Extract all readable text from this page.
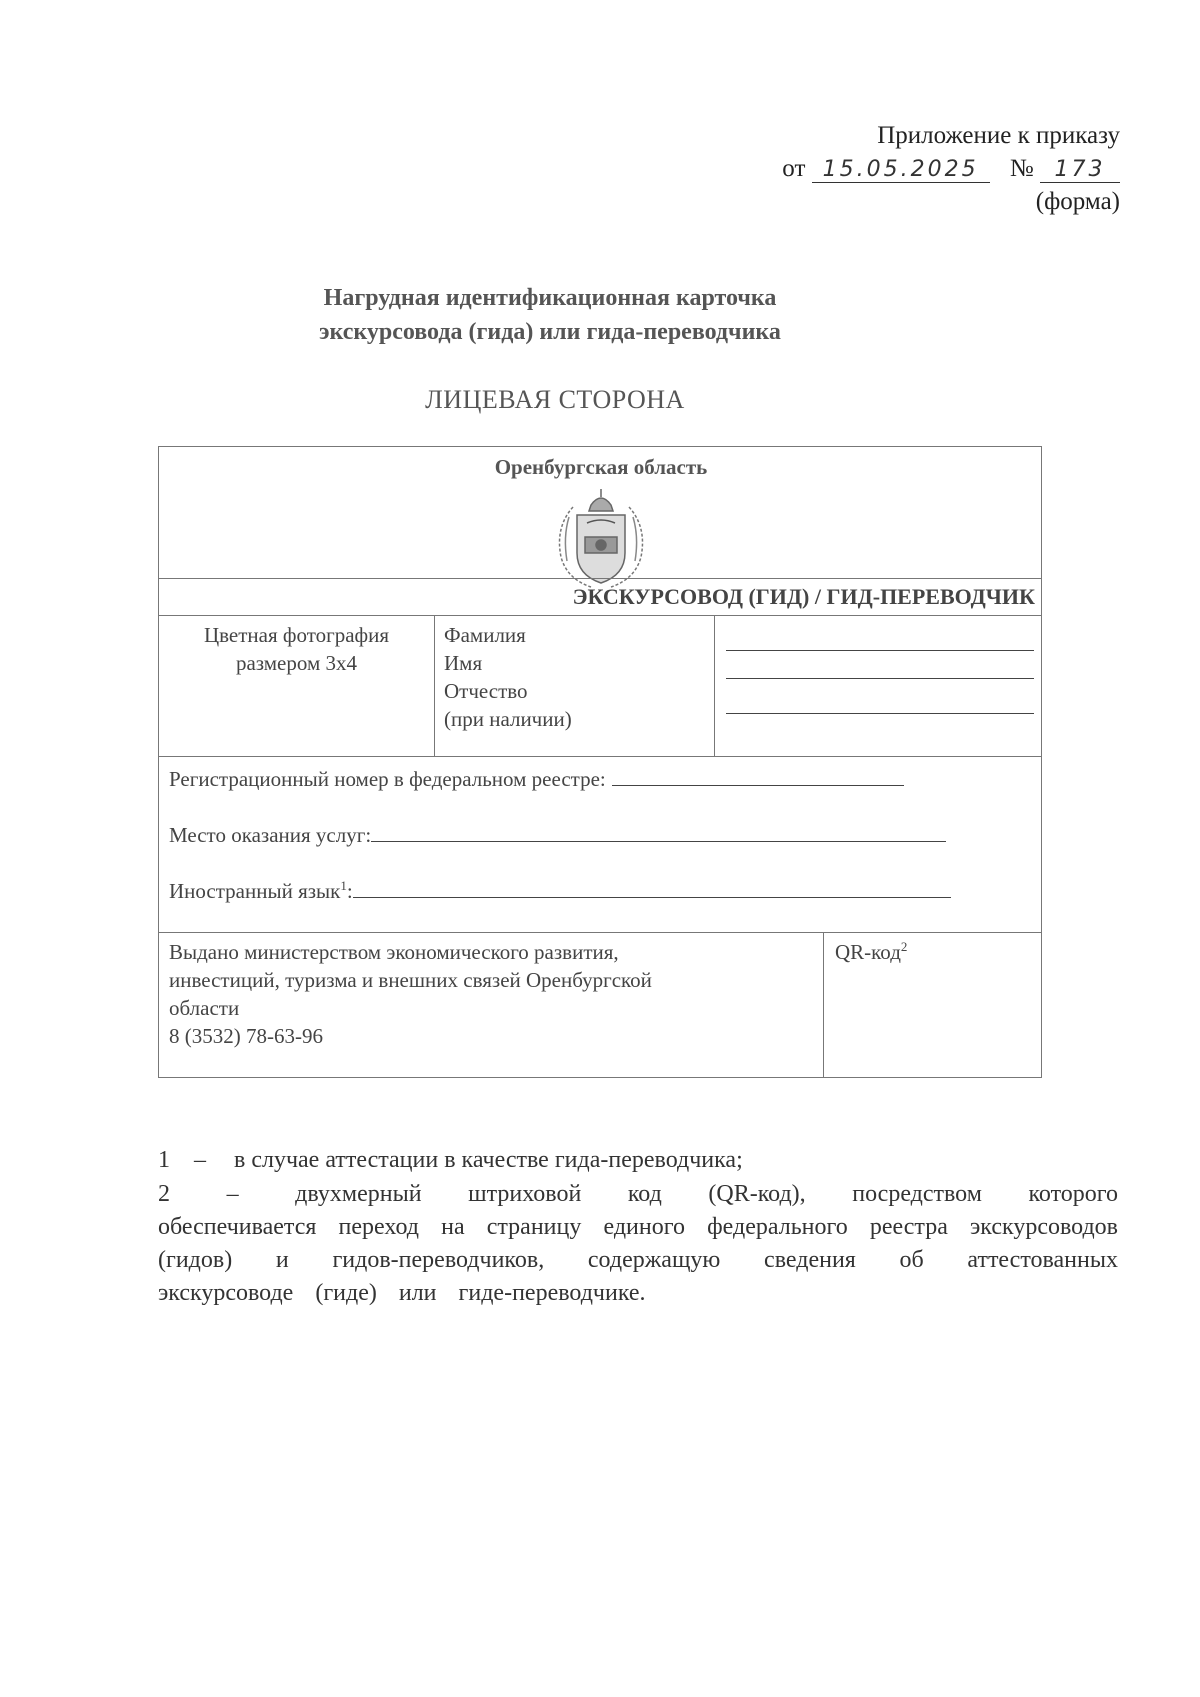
Приложение к приказу
от 15.05.2025 № 173
(форма)
Нагрудная идентификационная карточка
экскурсовода (гида) или гида-переводчика
ЛИЦЕВАЯ СТОРОНА
Оренбургская область
ЭКСКУРСОВОД (ГИД) / ГИД-ПЕРЕВОДЧИК
Цветная фотография
размером 3х4
Фамилия
Имя
Отчество
(при наличии)
Регистрационный номер в федеральном реестре:
Место оказания услуг:
Иностранный язык$^1$:
Выдано министерством экономического развития,
инвестиций, туризма и внешних связей Оренбургской
области
8 (3532) 78-63-96
QR-код$^2$
1 – в случае аттестации в качестве гида-переводчика;
2 – двухмерный штриховой код (QR-код), посредством которого обеспечивается переход на страницу единого федерального реестра экскурсоводов (гидов) и гидов-переводчиков, содержащую сведения об аттестованных экскурсоводе (гиде) или гиде-переводчике.
